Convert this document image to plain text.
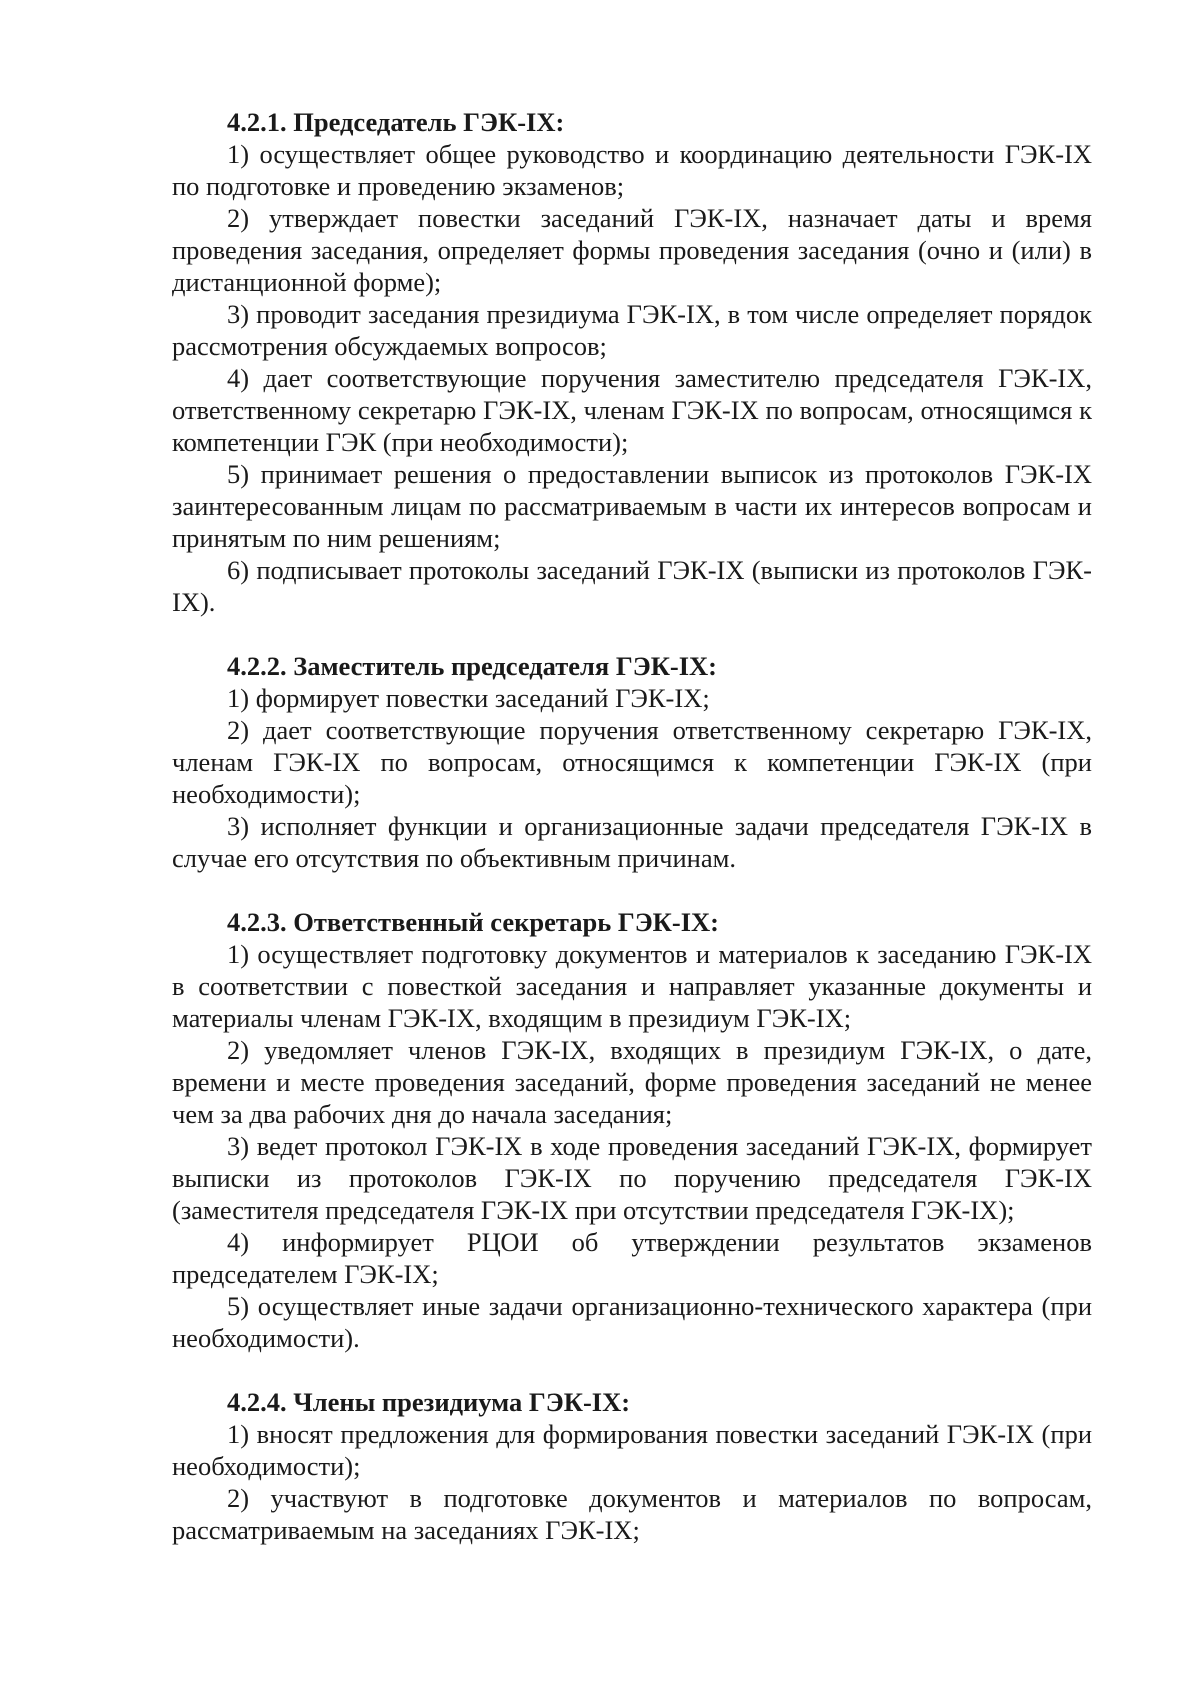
4.2.1. Председатель ГЭК-IX:

1) осуществляет общее руководство и координацию деятельности ГЭК-IX по подготовке и проведению экзаменов;

2) утверждает повестки заседаний ГЭК-IX, назначает даты и время проведения заседания, определяет формы проведения заседания (очно и (или) в дистанционной форме);

3) проводит заседания президиума ГЭК-IX, в том числе определяет порядок рассмотрения обсуждаемых вопросов;

4) дает соответствующие поручения заместителю председателя ГЭК-IX, ответственному секретарю ГЭК-IX, членам ГЭК-IX по вопросам, относящимся к компетенции ГЭК (при необходимости);

5) принимает решения о предоставлении выписок из протоколов ГЭК-IX заинтересованным лицам по рассматриваемым в части их интересов вопросам и принятым по ним решениям;

6) подписывает протоколы заседаний ГЭК-IX (выписки из протоколов ГЭК-IX).

4.2.2. Заместитель председателя ГЭК-IX:

1) формирует повестки заседаний ГЭК-IX;

2) дает соответствующие поручения ответственному секретарю ГЭК-IX, членам ГЭК-IX по вопросам, относящимся к компетенции ГЭК-IX (при необходимости);

3) исполняет функции и организационные задачи председателя ГЭК-IX в случае его отсутствия по объективным причинам.

4.2.3. Ответственный секретарь ГЭК-IX:

1) осуществляет подготовку документов и материалов к заседанию ГЭК-IX в соответствии с повесткой заседания и направляет указанные документы и материалы членам ГЭК-IX, входящим в президиум ГЭК-IX;

2) уведомляет членов ГЭК-IX, входящих в президиум ГЭК-IX, о дате, времени и месте проведения заседаний, форме проведения заседаний не менее чем за два рабочих дня до начала заседания;

3) ведет протокол ГЭК-IX в ходе проведения заседаний ГЭК-IX, формирует выписки из протоколов ГЭК-IX по поручению председателя ГЭК-IX (заместителя председателя ГЭК-IX при отсутствии председателя ГЭК-IX);

4) информирует РЦОИ об утверждении результатов экзаменов председателем ГЭК-IX;

5) осуществляет иные задачи организационно-технического характера (при необходимости).

4.2.4. Члены президиума ГЭК-IX:

1) вносят предложения для формирования повестки заседаний ГЭК-IX (при необходимости);

2) участвуют в подготовке документов и материалов по вопросам, рассматриваемым на заседаниях ГЭК-IX;
